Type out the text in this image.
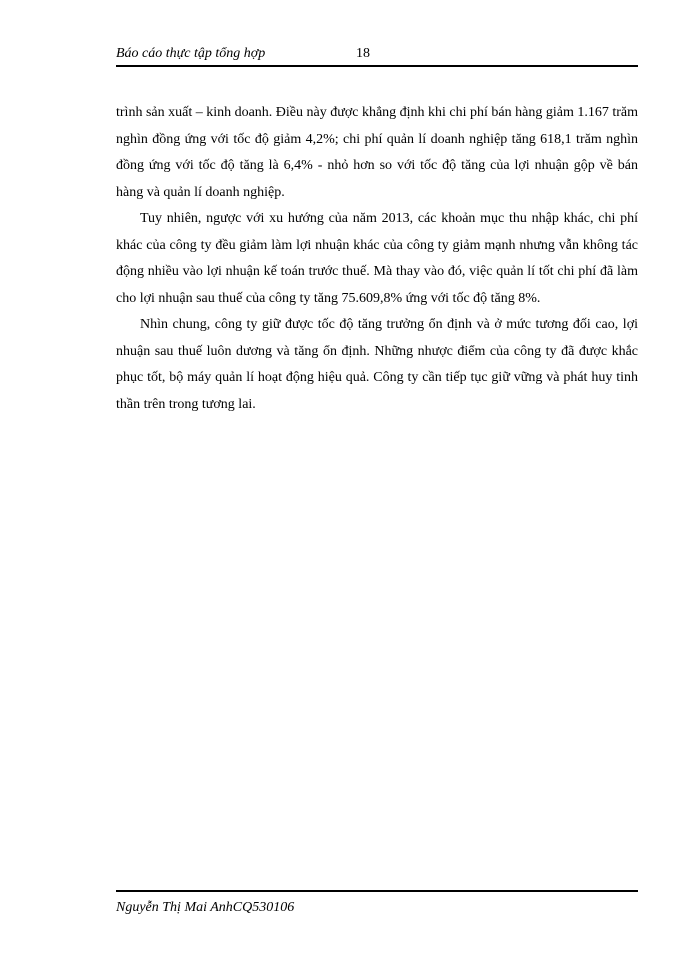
Báo cáo thực tập tổng hợp	18

trình sản xuất – kinh doanh. Điều này được khẳng định khi chi phí bán hàng giảm 1.167 trăm nghìn đồng ứng với tốc độ giảm 4,2%; chi phí quản lí doanh nghiệp tăng 618,1 trăm nghìn đồng ứng với tốc độ tăng là 6,4% - nhỏ hơn so với tốc độ tăng của lợi nhuận gộp về bán hàng và quản lí doanh nghiệp.

Tuy nhiên, ngược với xu hướng của năm 2013, các khoản mục thu nhập khác, chi phí khác của công ty đều giảm làm lợi nhuận khác của công ty giảm mạnh nhưng vẫn không tác động nhiều vào lợi nhuận kế toán trước thuế. Mà thay vào đó, việc quản lí tốt chi phí đã làm cho lợi nhuận sau thuế của công ty tăng 75.609,8% ứng với tốc độ tăng 8%.

Nhìn chung, công ty giữ được tốc độ tăng trưởng ổn định và ở mức tương đối cao, lợi nhuận sau thuế luôn dương và tăng ổn định. Những nhược điểm của công ty đã được khắc phục tốt, bộ máy quản lí hoạt động hiệu quả. Công ty cần tiếp tục giữ vững và phát huy tinh thần trên trong tương lai.

Nguyễn Thị Mai AnhCQ530106
